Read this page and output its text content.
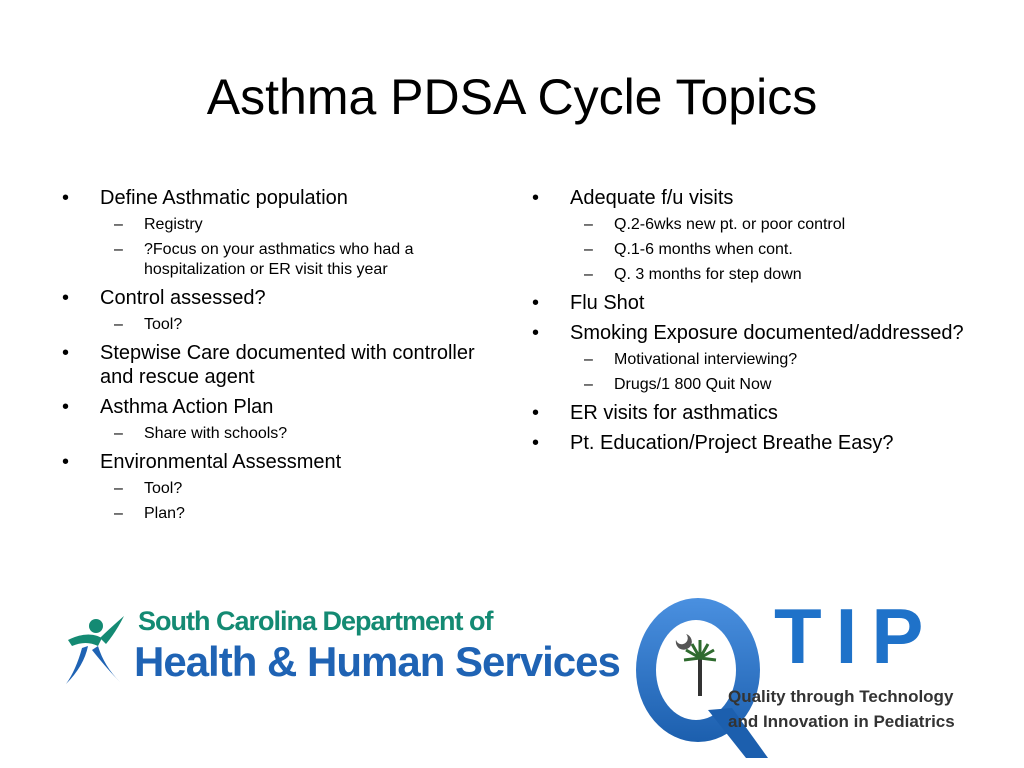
Asthma PDSA Cycle Topics
• Define Asthmatic population
– Registry
– ?Focus on your asthmatics who had a hospitalization or ER visit this year
• Control assessed?
– Tool?
• Stepwise Care documented with controller and rescue agent
• Asthma Action Plan
– Share with schools?
• Environmental Assessment
– Tool?
– Plan?
• Adequate f/u visits
– Q.2-6wks new pt. or poor control
– Q.1-6 months when cont.
– Q. 3 months for step down
• Flu Shot
• Smoking Exposure documented/addressed?
– Motivational interviewing?
– Drugs/1 800 Quit Now
• ER visits for asthmatics
• Pt. Education/Project Breathe Easy?
South Carolina Department of
Health & Human Services TIP
Quality through Technology
and Innovation in Pediatrics
